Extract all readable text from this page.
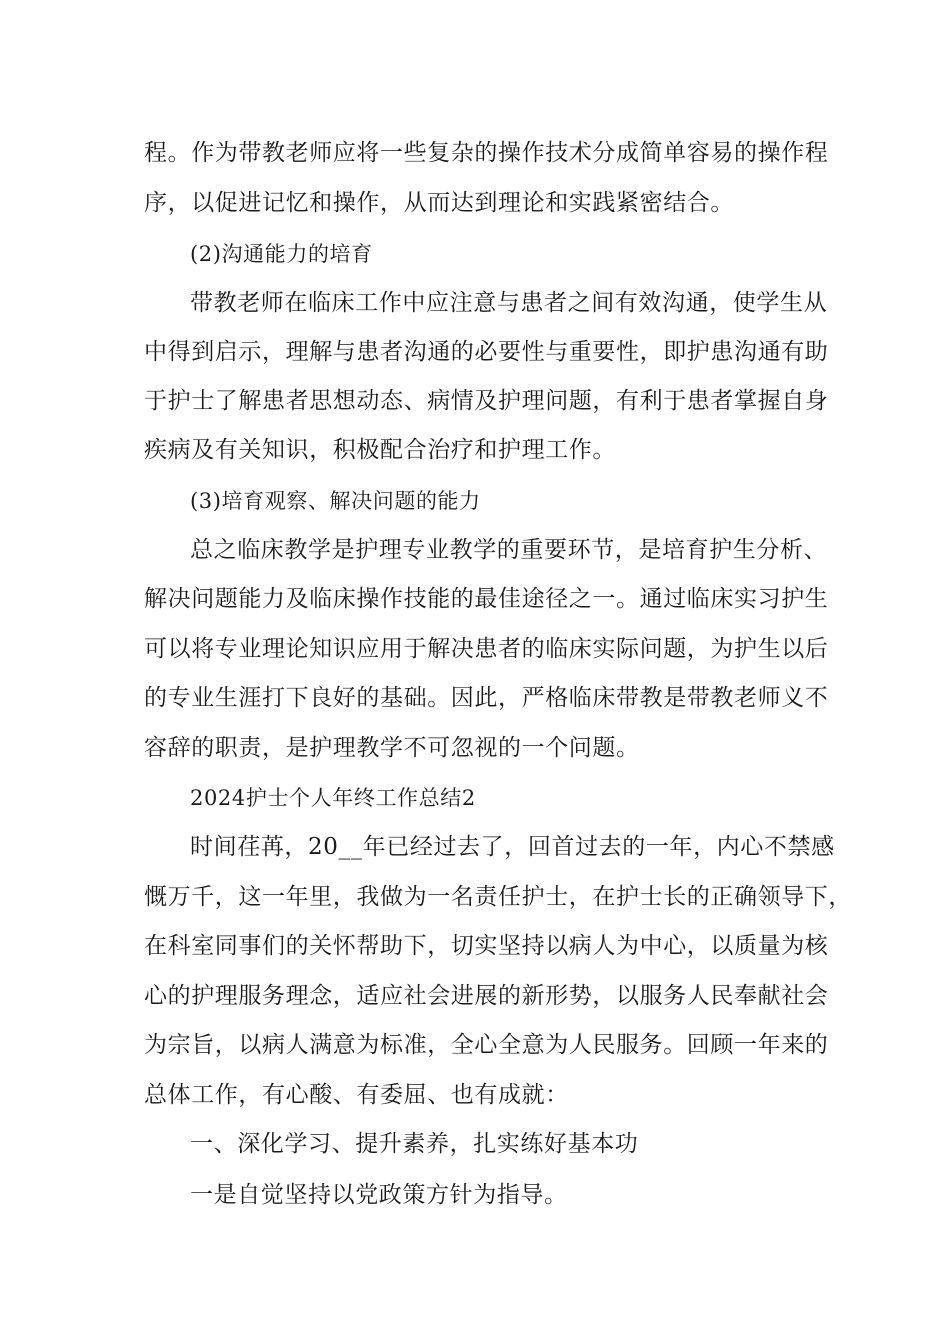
程。作为带教老师应将一些复杂的操作技术分成简单容易的操作程
序，以促进记忆和操作，从而达到理论和实践紧密结合。
(2)沟通能力的培育
带教老师在临床工作中应注意与患者之间有效沟通，使学生从
中得到启示，理解与患者沟通的必要性与重要性，即护患沟通有助
于护士了解患者思想动态、病情及护理问题，有利于患者掌握自身
疾病及有关知识，积极配合治疗和护理工作。
(3)培育观察、解决问题的能力
总之临床教学是护理专业教学的重要环节，是培育护生分析、
解决问题能力及临床操作技能的最佳途径之一。通过临床实习护生
可以将专业理论知识应用于解决患者的临床实际问题，为护生以后
的专业生涯打下良好的基础。因此，严格临床带教是带教老师义不
容辞的职责，是护理教学不可忽视的一个问题。
2024护士个人年终工作总结2
时间荏苒，20__年已经过去了，回首过去的一年，内心不禁感
慨万千，这一年里，我做为一名责任护士，在护士长的正确领导下，
在科室同事们的关怀帮助下，切实坚持以病人为中心，以质量为核
心的护理服务理念，适应社会进展的新形势，以服务人民奉献社会
为宗旨，以病人满意为标准，全心全意为人民服务。回顾一年来的
总体工作，有心酸、有委屈、也有成就：
一、深化学习、提升素养，扎实练好基本功
一是自觉坚持以党政策方针为指导。
